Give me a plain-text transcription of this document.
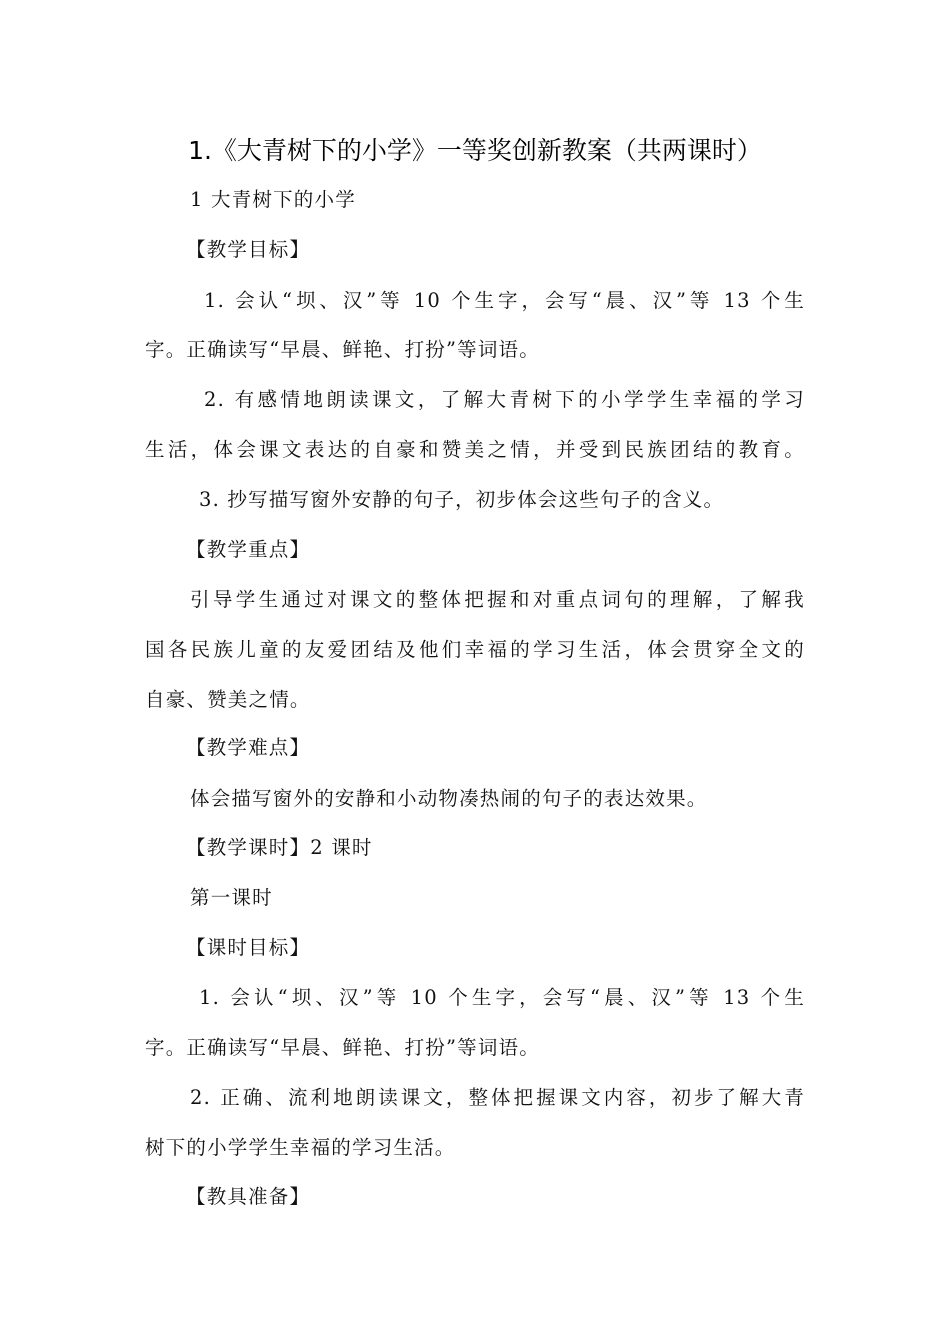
1.《大青树下的小学》一等奖创新教案（共两课时）
1 大青树下的小学
【教学目标】
1. 会认“坝、汉”等 10 个生字，会写“晨、汉”等 13 个生
字。正确读写“早晨、鲜艳、打扮”等词语。
2. 有感情地朗读课文，了解大青树下的小学学生幸福的学习
生活，体会课文表达的自豪和赞美之情，并受到民族团结的教育。
3. 抄写描写窗外安静的句子，初步体会这些句子的含义。
【教学重点】
引导学生通过对课文的整体把握和对重点词句的理解，了解我
国各民族儿童的友爱团结及他们幸福的学习生活，体会贯穿全文的
自豪、赞美之情。
【教学难点】
体会描写窗外的安静和小动物凑热闹的句子的表达效果。
【教学课时】2 课时
第一课时
【课时目标】
1. 会认“坝、汉”等 10 个生字，会写“晨、汉”等 13 个生
字。正确读写“早晨、鲜艳、打扮”等词语。
2. 正确、流利地朗读课文，整体把握课文内容，初步了解大青
树下的小学学生幸福的学习生活。
【教具准备】
